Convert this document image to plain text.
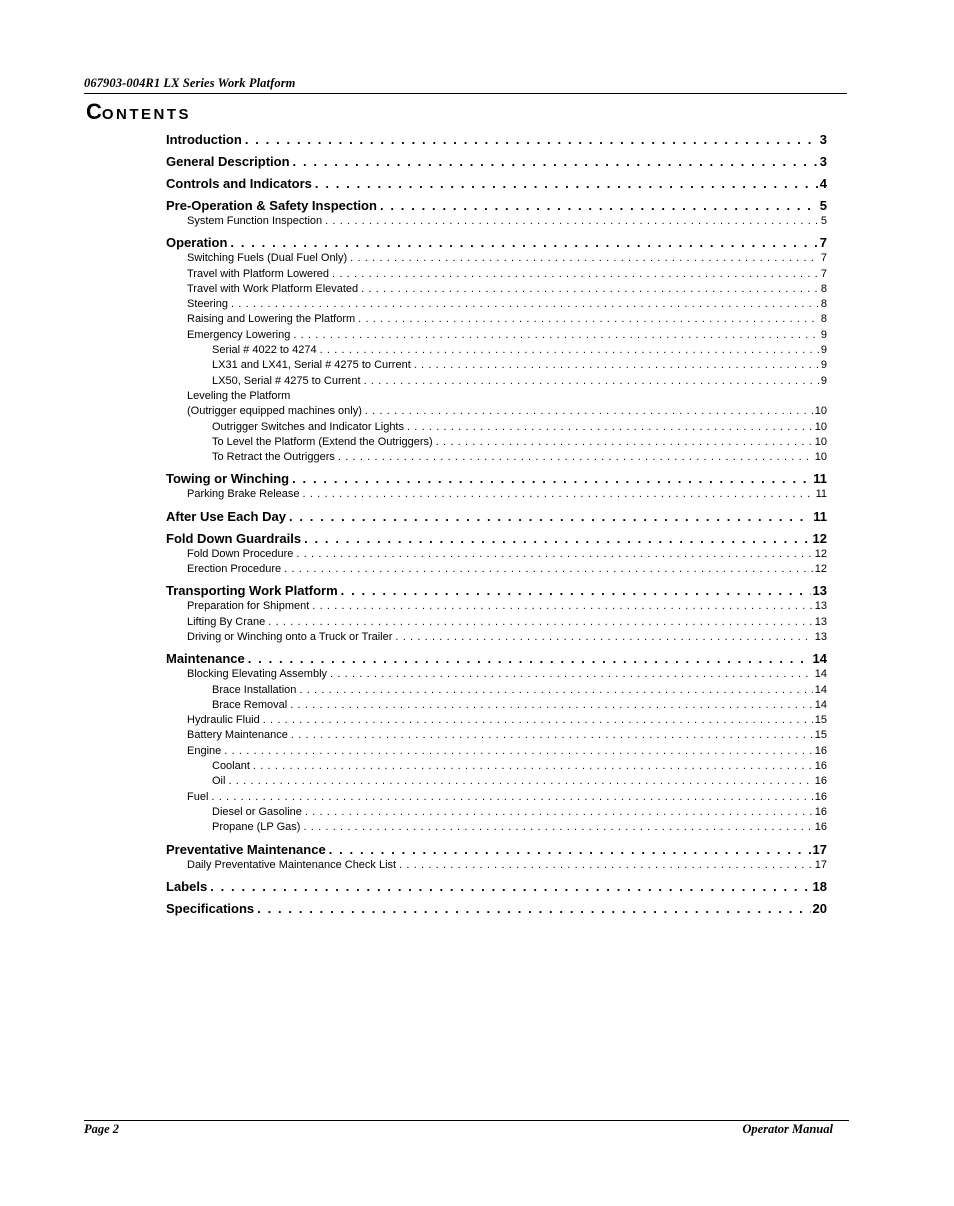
067903-004R1 LX Series Work Platform
CONTENTS
Introduction . . .	3
General Description . . .	3
Controls and Indicators . . .	4
Pre-Operation & Safety Inspection . . .	5
System Function Inspection . . .	5
Operation . . .	7
Switching Fuels (Dual Fuel Only) . . .	7
Travel with Platform Lowered . . .	7
Travel with Work Platform Elevated . . .	8
Steering . . .	8
Raising and Lowering the Platform . . .	8
Emergency Lowering . . .	9
Serial # 4022 to 4274 . . .	9
LX31 and LX41, Serial # 4275 to Current . . .	9
LX50, Serial # 4275 to Current . . .	9
Leveling the Platform
(Outrigger equipped machines only) . . .	10
Outrigger Switches and Indicator Lights . . .	10
To Level the Platform (Extend the Outriggers) . . .	10
To Retract the Outriggers . . .	10
Towing or Winching . . .	11
Parking Brake Release . . .	11
After Use Each Day . . .	11
Fold Down Guardrails . . .	12
Fold Down Procedure . . .	12
Erection Procedure . . .	12
Transporting Work Platform . . .	13
Preparation for Shipment . . .	13
Lifting By Crane . . .	13
Driving or Winching onto a Truck or Trailer . . .	13
Maintenance . . .	14
Blocking Elevating Assembly . . .	14
Brace Installation . . .	14
Brace Removal . . .	14
Hydraulic Fluid . . .	15
Battery Maintenance . . .	15
Engine . . .	16
Coolant . . .	16
Oil . . .	16
Fuel . . .	16
Diesel or Gasoline . . .	16
Propane (LP Gas) . . .	16
Preventative Maintenance . . .	17
Daily Preventative Maintenance Check List . . .	17
Labels . . .	18
Specifications . . .	20
Page 2	Operator Manual
